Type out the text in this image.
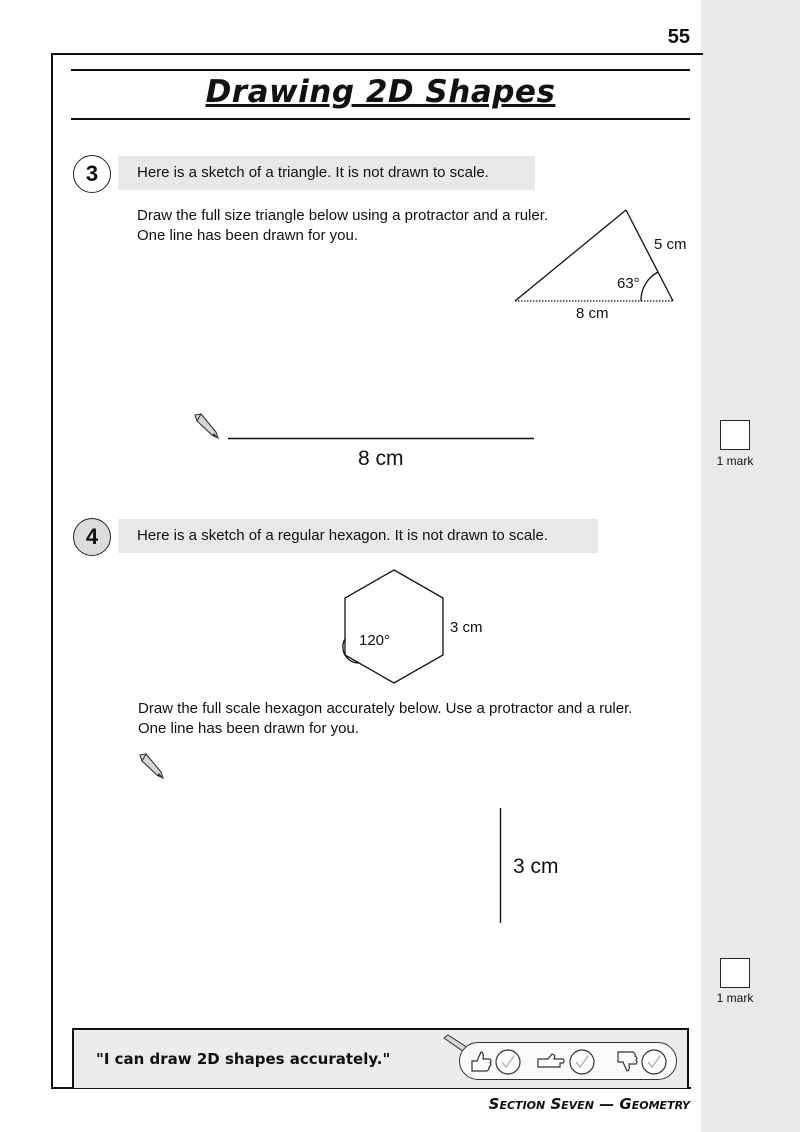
55
Drawing 2D Shapes
3	Here is a sketch of a triangle. It is not drawn to scale.
Draw the full size triangle below using a protractor and a ruler.
One line has been drawn for you.
5 cm
63°
8 cm
8 cm	1 mark
4	Here is a sketch of a regular hexagon. It is not drawn to scale.
120°
3 cm
Draw the full scale hexagon accurately below. Use a protractor and a ruler.
One line has been drawn for you.
3 cm
1 mark
"I can draw 2D shapes accurately."
Section Seven — Geometry
